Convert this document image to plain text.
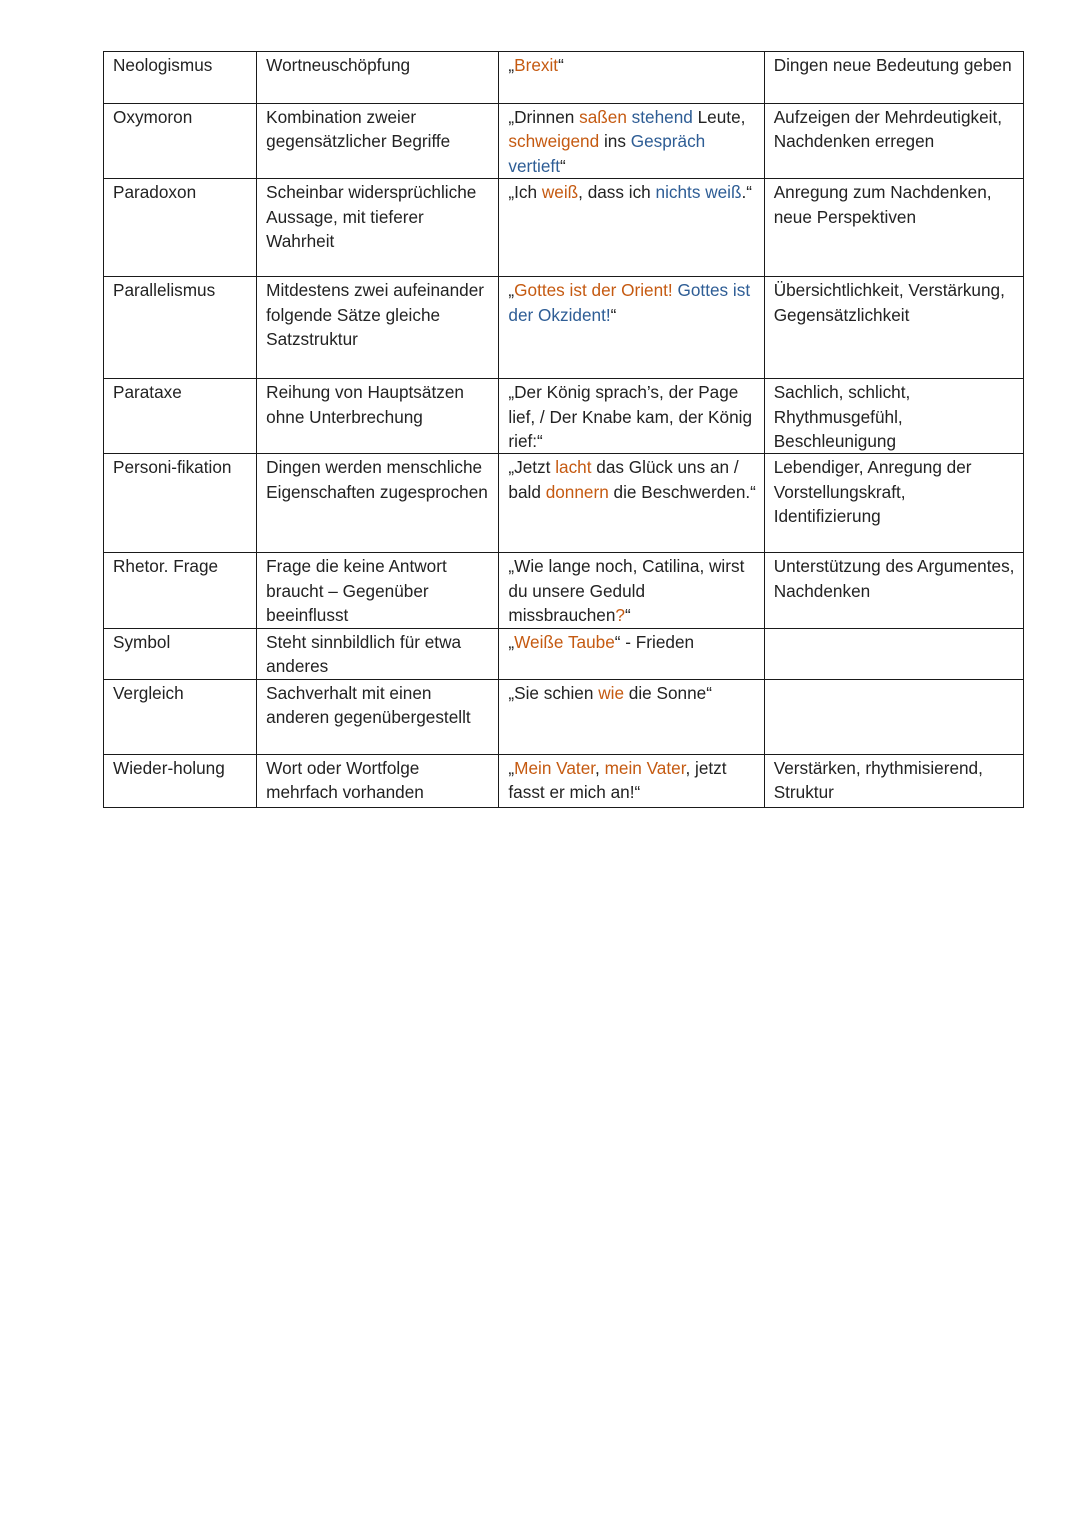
Neologismus	Wortneuschöpfung	„Brexit“	Dingen neue Bedeutung geben
Oxymoron	Kombination zweier gegensätzlicher Begriffe	„Drinnen saßen stehend Leute, schweigend ins Gespräch vertieft“	Aufzeigen der Mehrdeutigkeit, Nachdenken erregen
Paradoxon	Scheinbar widersprüchliche Aussage, mit tieferer Wahrheit	„Ich weiß, dass ich nichts weiß.“	Anregung zum Nachdenken, neue Perspektiven
Parallelismus	Mitdestens zwei aufeinander folgende Sätze gleiche Satzstruktur	„Gottes ist der Orient! Gottes ist der Okzident!“	Übersichtlichkeit, Verstärkung, Gegensätzlichkeit
Parataxe	Reihung von Hauptsätzen ohne Unterbrechung	„Der König sprach’s, der Page lief, / Der Knabe kam, der König rief:“	Sachlich, schlicht, Rhythmusgefühl, Beschleunigung
Personi-fikation	Dingen werden menschliche Eigenschaften zugesprochen	„Jetzt lacht das Glück uns an / bald donnern die Beschwerden.“	Lebendiger, Anregung der Vorstellungskraft, Identifizierung
Rhetor. Frage	Frage die keine Antwort braucht – Gegenüber beeinflusst	„Wie lange noch, Catilina, wirst du unsere Geduld missbrauchen?“	Unterstützung des Argumentes, Nachdenken
Symbol	Steht sinnbildlich für etwa anderes	„Weiße Taube“ - Frieden	
Vergleich	Sachverhalt mit einen anderen gegenübergestellt	„Sie schien wie die Sonne“	
Wieder-holung	Wort oder Wortfolge mehrfach vorhanden	„Mein Vater, mein Vater, jetzt fasst er mich an!“	Verstärken, rhythmisierend, Struktur
